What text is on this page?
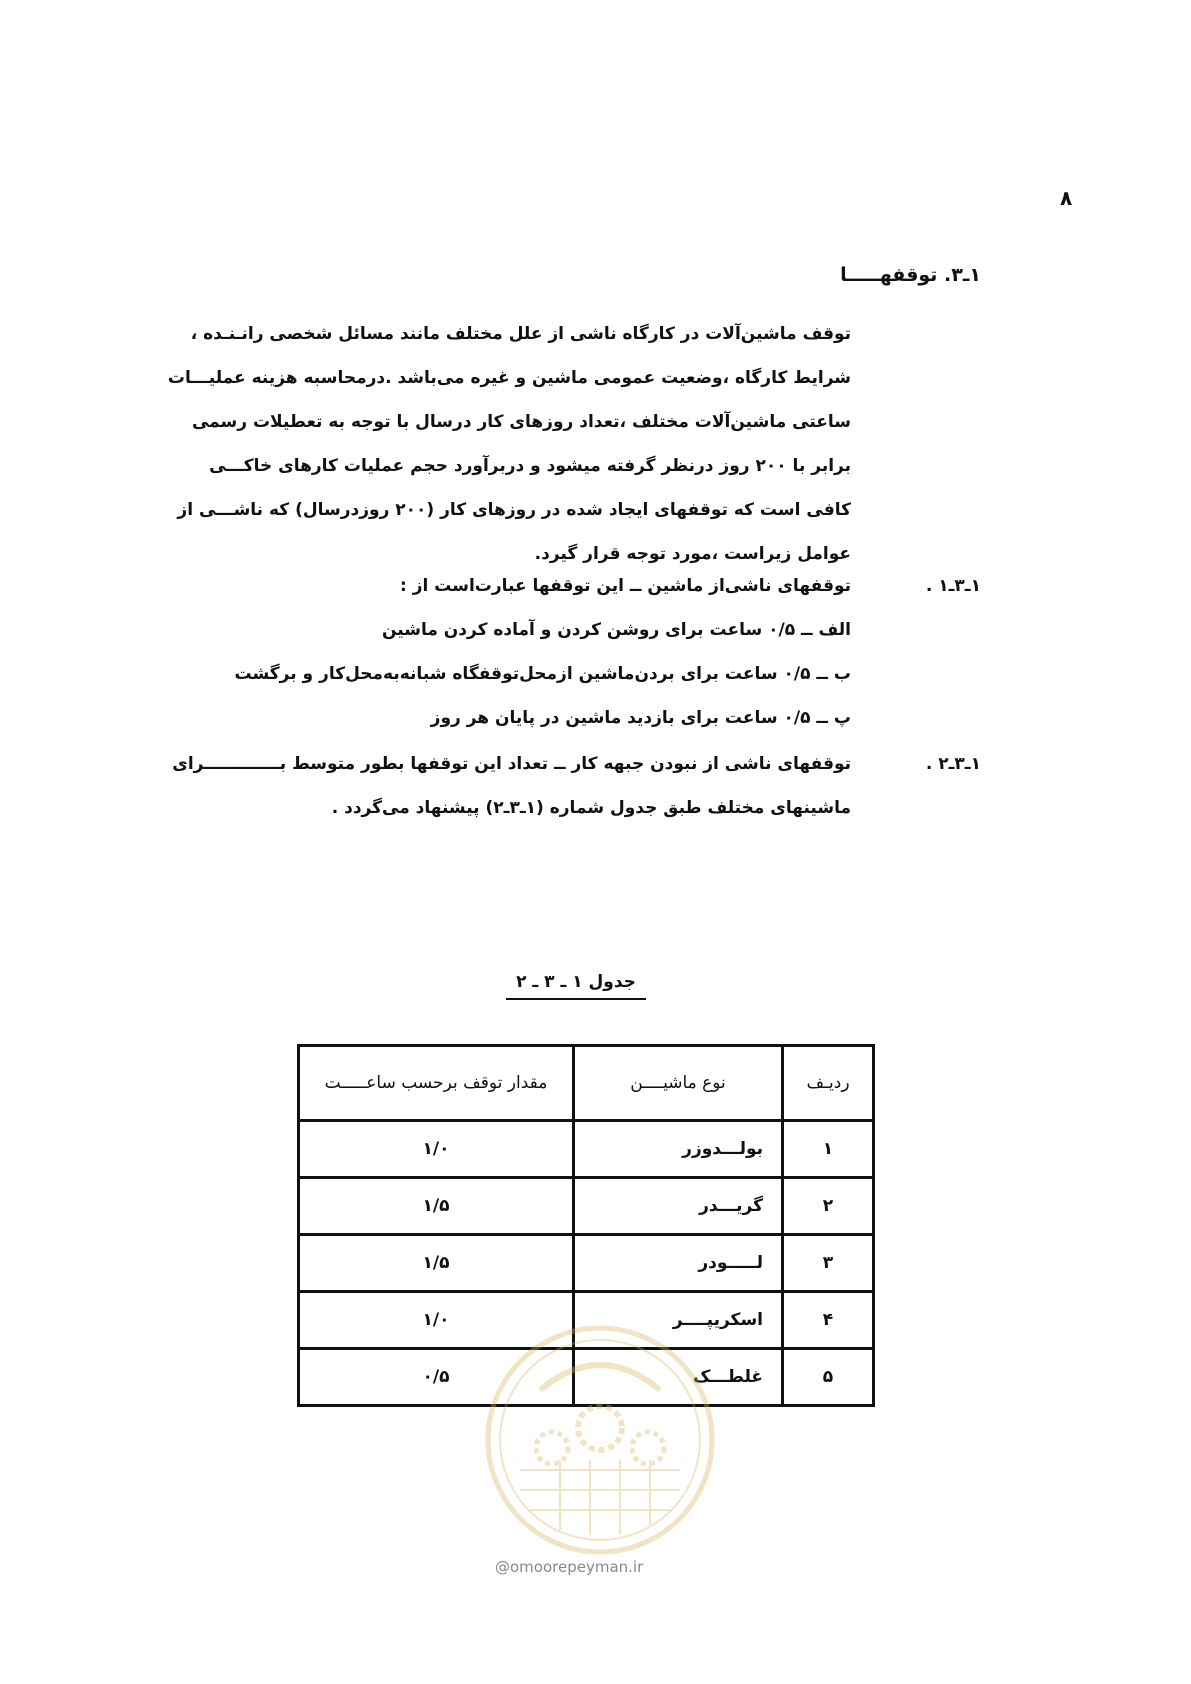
۸
۱ـ۳. توقفهـــــا
توقف ماشین‌آلات در کارگاه ناشی از علل مختلف مانند مسائل شخصی رانـنـده ،
شرایط کارگاه ،وضعیت عمومی ماشین و غیره می‌باشد .درمحاسبه هزینه عملیـــات
ساعتی ماشین‌آلات مختلف ،تعداد روزهای کار درسال با توجه به تعطیلات رسمی
برابر با ۲۰۰ روز درنظر گرفته میشود و دربرآورد حجم عملیات کارهای خاکـــی
کافی است که توقفهای ایجاد شده در روزهای کار (۲۰۰ روزدرسال) که ناشـــی از
عوامل زیراست ،مورد توجه قرار گیرد.
۱ـ۳ـ۱ .
توقفهای ناشی‌از ماشین ــ این توقفها عبارت‌است از :
الف ــ ۰/۵ ساعت برای روشن کردن و آماده کردن ماشین
ب ــ ۰/۵ ساعت برای بردن‌ماشین ازمحل‌توقفگاه شبانه‌به‌محل‌کار و برگشت
پ ــ ۰/۵ ساعت برای بازدید ماشین در پایان هر روز
۱ـ۳ـ۲ .
توقفهای ناشی از نبودن جبهه کار ــ تعداد این توقفها بطور متوسط بـــــــــــــرای
ماشینهای مختلف طبق جدول شماره (۱ـ۳ـ۲) پیشنهاد می‌گردد .
جدول ۱ ـ ۳ ـ ۲
ردیـف	نوع ماشیــــن	مقدار توقف برحسب ساعـــــت
۱	بولـــدوزر	۱/۰
۲	گریـــدر	۱/۵
۳	لـــــودر	۱/۵
۴	اسکریپــــر	۱/۰
۵	غلطـــک	۰/۵
@omoorepeyman.ir
